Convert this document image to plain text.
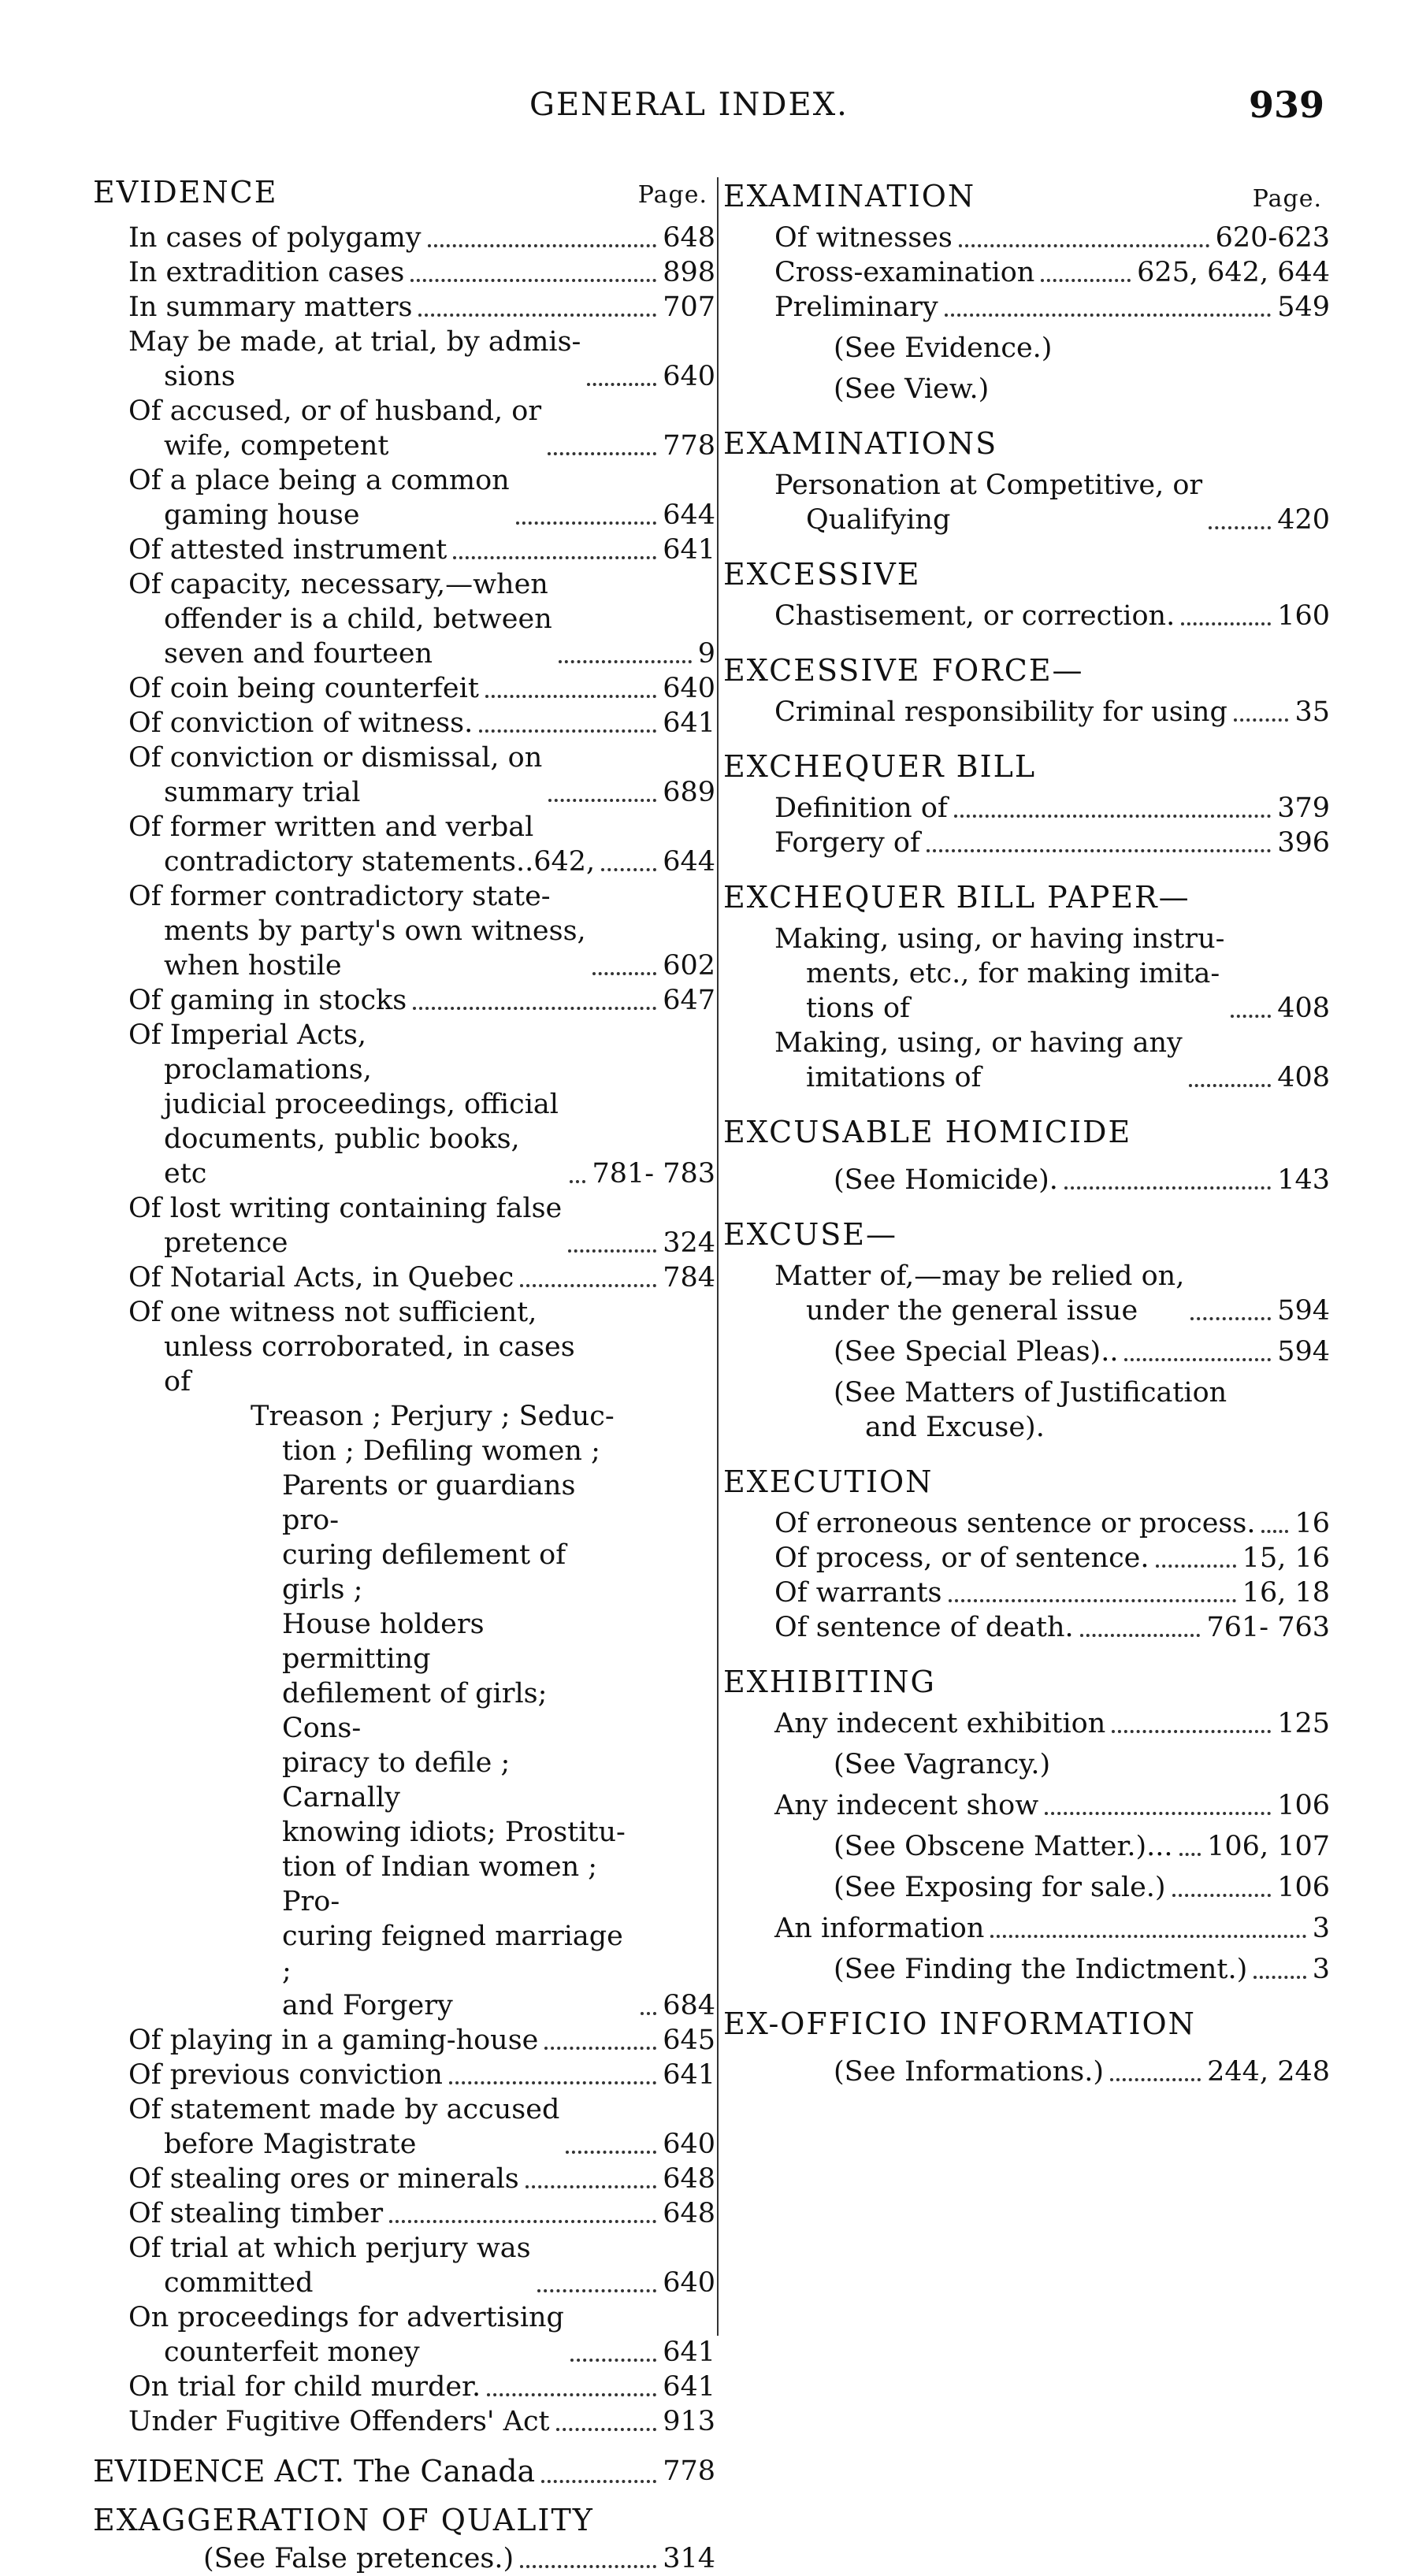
GENERAL INDEX.	939
EVIDENCE	Page.
In cases of polygamy	648
In extradition cases	898
In summary matters	707
May be made, at trial, by admis-
sions	640
Of accused, or of husband, or
wife, competent	778
Of a place being a common
gaming house	644
Of attested instrument	641
Of capacity, necessary,—when
offender is a child, between
seven and fourteen	9
Of coin being counterfeit	640
Of conviction of witness.	641
Of conviction or dismissal, on
summary trial	689
Of former written and verbal
contradictory statements..642, 644
Of former contradictory state-
ments by party's own witness,
when hostile	602
Of gaming in stocks	647
Of Imperial Acts, proclamations,
judicial proceedings, official
documents, public books,
etc	781- 783
Of lost writing containing false
pretence	324
Of Notarial Acts, in Quebec	784
Of one witness not sufficient,
unless corroborated, in cases
of
Treason ; Perjury ; Seduc-
tion ; Defiling women ;
Parents or guardians pro-
curing defilement of girls ;
House holders permitting
defilement of girls; Cons-
piracy to defile ; Carnally
knowing idiots; Prostitu-
tion of Indian women ; Pro-
curing feigned marriage ;
and Forgery	684
Of playing in a gaming-house	645
Of previous conviction	641
Of statement made by accused
before Magistrate	640
Of stealing ores or minerals	648
Of stealing timber	648
Of trial at which perjury was
committed	640
On proceedings for advertising
counterfeit money	641
On trial for child murder.	641
Under Fugitive Offenders' Act	913
EVIDENCE ACT. The Canada	778
EXAGGERATION OF QUALITY
(See False pretences.)	314
EXAMINATION	Page.
Of witnesses	620-623
Cross-examination	625, 642, 644
Preliminary	549
(See Evidence.)
(See View.)
EXAMINATIONS
Personation at Competitive, or
Qualifying	420
EXCESSIVE
Chastisement, or correction.	160
EXCESSIVE FORCE—
Criminal responsibility for using 35
EXCHEQUER BILL
Definition of	379
Forgery of	396
EXCHEQUER BILL PAPER—
Making, using, or having instru-
ments, etc., for making imita-
tions of	408
Making, using, or having any
imitations of	408
EXCUSABLE HOMICIDE
(See Homicide).	143
EXCUSE—
Matter of,—may be relied on,
under the general issue	594
(See Special Pleas)..	594
(See Matters of Justification
and Excuse).
EXECUTION
Of erroneous sentence or process. 16
Of process, or of sentence.	15, 16
Of warrants	16, 18
Of sentence of death.	761- 763
EXHIBITING
Any indecent exhibition	125
(See Vagrancy.)
Any indecent show	106
(See Obscene Matter.)... 106, 107
(See Exposing for sale.)	106
An information	3
(See Finding the Indictment.) 3
EX-OFFICIO INFORMATION
(See Informations.)	244, 248
